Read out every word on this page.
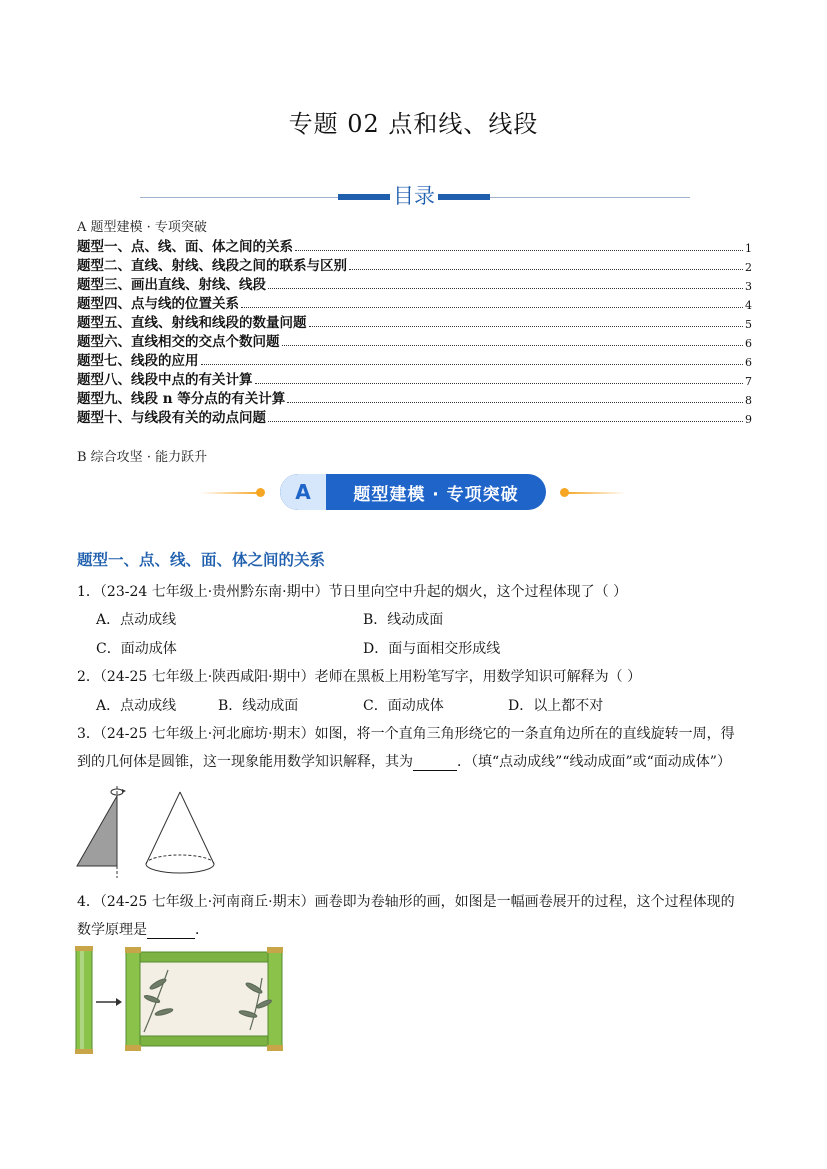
专题 02 点和线、线段
目录
A 题型建模 · 专项突破
题型一、点、线、面、体之间的关系	1
题型二、直线、射线、线段之间的联系与区别	2
题型三、画出直线、射线、线段	3
题型四、点与线的位置关系	4
题型五、直线、射线和线段的数量问题	5
题型六、直线相交的交点个数问题	6
题型七、线段的应用	6
题型八、线段中点的有关计算	7
题型九、线段 n 等分点的有关计算	8
题型十、与线段有关的动点问题	9
B 综合攻坚 · 能力跃升
A	题型建模 · 专项突破
题型一、点、线、面、体之间的关系
1．（23-24 七年级上·贵州黔东南·期中）节日里向空中升起的烟火，这个过程体现了（ ）
A．点动成线	B．线动成面
C．面动成体	D．面与面相交形成线
2．（24-25 七年级上·陕西咸阳·期中）老师在黑板上用粉笔写字，用数学知识可解释为（ ）
A．点动成线	B．线动成面	C．面动成体	D．以上都不对
3．（24-25 七年级上·河北廊坊·期末）如图，将一个直角三角形绕它的一条直角边所在的直线旋转一周，得
到的几何体是圆锥，这一现象能用数学知识解释，其为	．（填“点动成线”“线动成面”或“面动成体”）
4．（24-25 七年级上·河南商丘·期末）画卷即为卷轴形的画，如图是一幅画卷展开的过程，这个过程体现的
数学原理是	．
